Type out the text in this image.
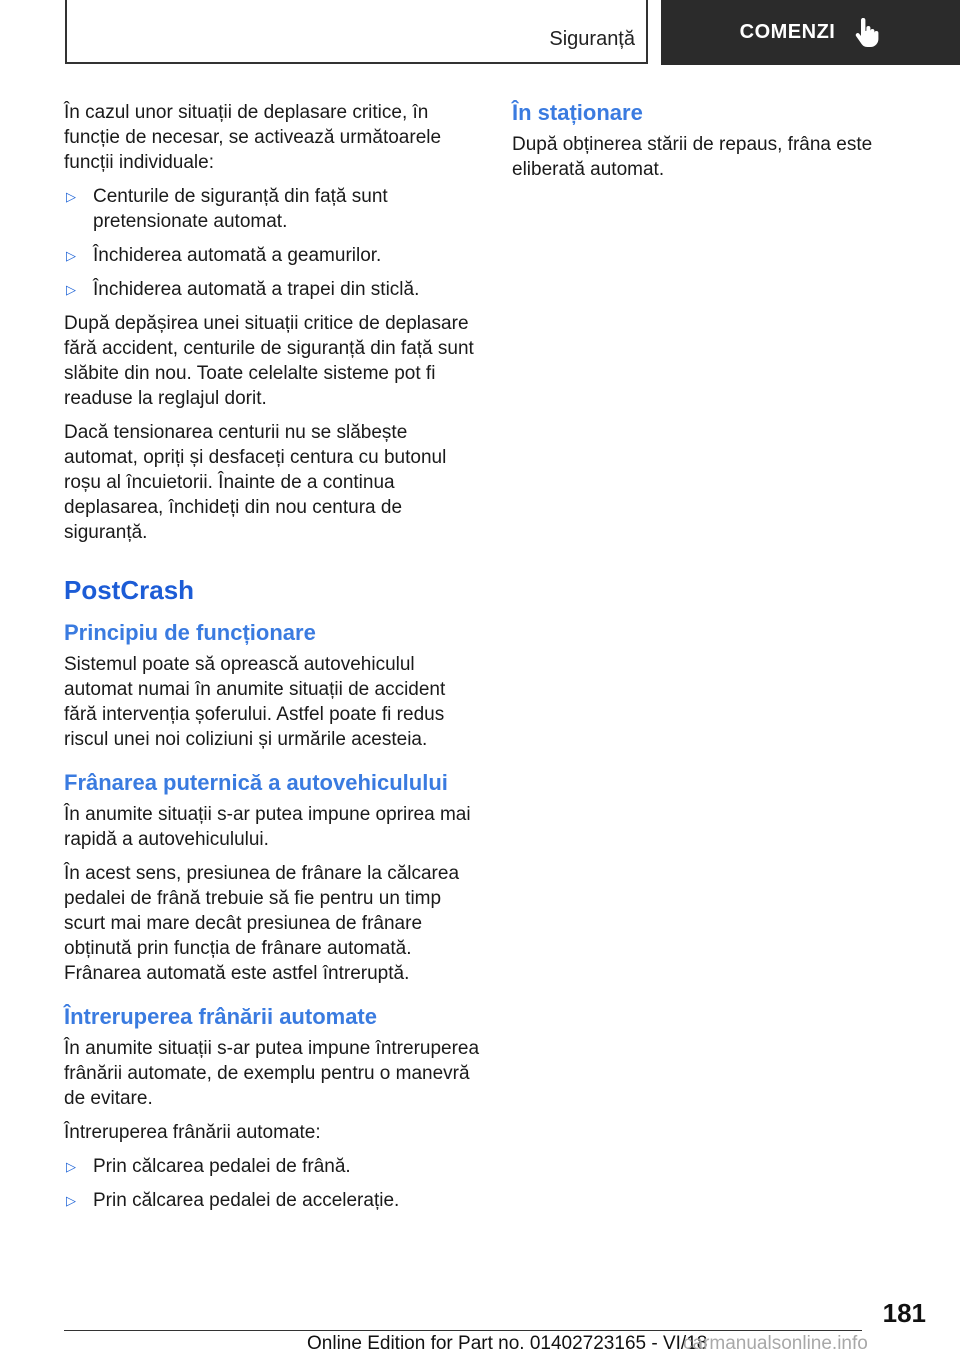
Siguranță	COMENZI

În cazul unor situații de deplasare critice, în funcție de necesar, se activează următoarele funcții individuale:

▷ Centurile de siguranță din față sunt pretensionate automat.
▷ Închiderea automată a geamurilor.
▷ Închiderea automată a trapei din sticlă.

După depășirea unei situații critice de deplasare fără accident, centurile de siguranță din față sunt slăbite din nou. Toate celelalte sisteme pot fi readuse la reglajul dorit.

Dacă tensionarea centurii nu se slăbește automat, opriți și desfaceți centura cu butonul roșu al încuietorii. Înainte de a continua deplasarea, închideți din nou centura de siguranță.

PostCrash
Principiu de funcționare

Sistemul poate să oprească autovehiculul automat numai în anumite situații de accident fără intervenția șoferului. Astfel poate fi redus riscul unei noi coliziuni și urmările acesteia.

Frânarea puternică a autovehiculului

În anumite situații s-ar putea impune oprirea mai rapidă a autovehiculului.

În acest sens, presiunea de frânare la călcarea pedalei de frână trebuie să fie pentru un timp scurt mai mare decât presiunea de frânare obținută prin funcția de frânare automată. Frânarea automată este astfel întreruptă.

Întreruperea frânării automate

În anumite situații s-ar putea impune întreruperea frânării automate, de exemplu pentru o manevră de evitare.

Întreruperea frânării automate:

▷ Prin călcarea pedalei de frână.
▷ Prin călcarea pedalei de accelerație.
În staționare

După obținerea stării de repaus, frâna este eliberată automat.

181
Online Edition for Part no. 01402723165 - VI/18
carmanualsonline.info
